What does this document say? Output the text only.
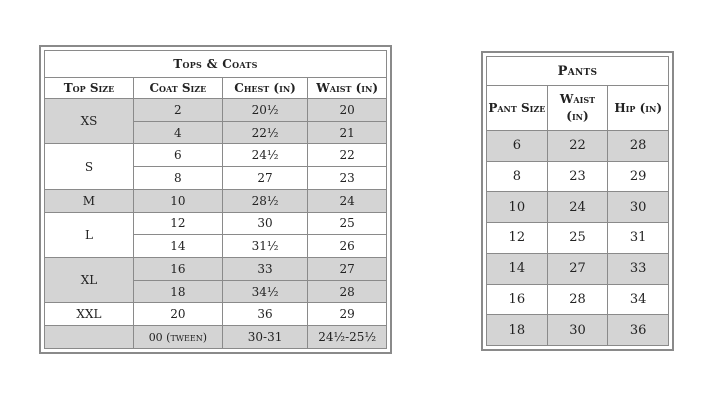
Tops & Coats			
Top Size	Coat Size	Chest (in)	Waist (in)
XS	2	20½	20
	4	22½	21
S	6	24½	22
	8	27	23
M	10	28½	24
L	12	30	25
	14	31½	26
XL	16	33	27
	18	34½	28
XXL	20	36	29
	00 (tween)	30-31	24½-25½
Pants		
Pant Size	Waist (in)	Hip (in)
6	22	28
8	23	29
10	24	30
12	25	31
14	27	33
16	28	34
18	30	36
